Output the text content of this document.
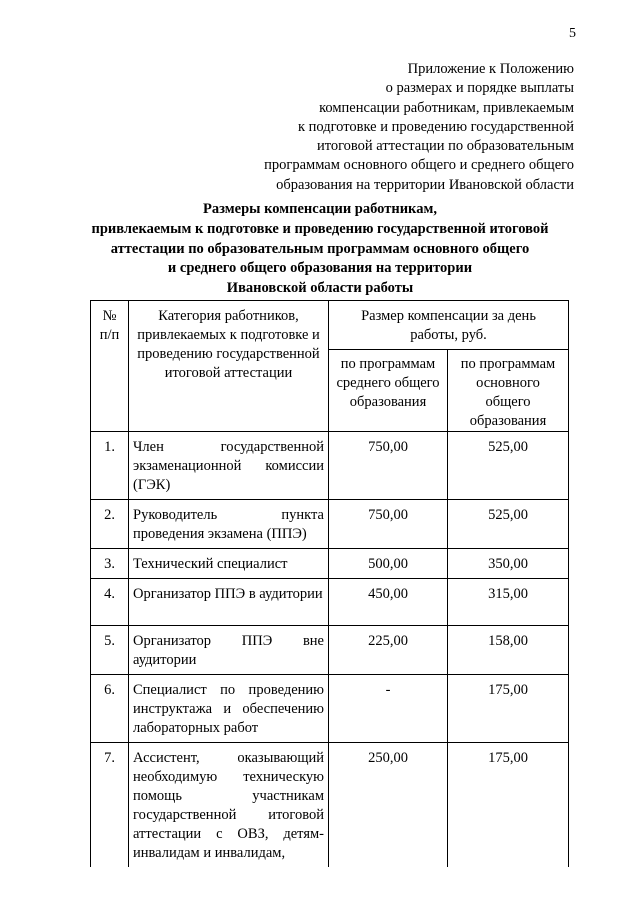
5
Приложение к Положению
о размерах и порядке выплаты
компенсации работникам, привлекаемым
к подготовке и проведению государственной
итоговой аттестации по образовательным
программам основного общего и среднего общего
образования на территории Ивановской области
Размеры компенсации работникам,
привлекаемым к подготовке и проведению государственной итоговой
аттестации по образовательным программам основного общего
и среднего общего образования на территории
Ивановской области работы
№ п/п	Категория работников, привлекаемых к подготовке и проведению государственной итоговой аттестации	Размер компенсации за день работы, руб.	
		по программам среднего общего образования	по программам основного общего образования
1.	Член государственной экзаменационной комиссии (ГЭК)	750,00	525,00
2.	Руководитель пункта проведения экзамена (ППЭ)	750,00	525,00
3.	Технический специалист	500,00	350,00
4.	Организатор ППЭ в аудитории	450,00	315,00
5.	Организатор ППЭ вне аудитории	225,00	158,00
6.	Специалист по проведению инструктажа и обеспечению лабораторных работ	-	175,00
7.	Ассистент, оказывающий необходимую техническую помощь участникам государственной итоговой аттестации с ОВЗ, детям-инвалидам и инвалидам,	250,00	175,00
